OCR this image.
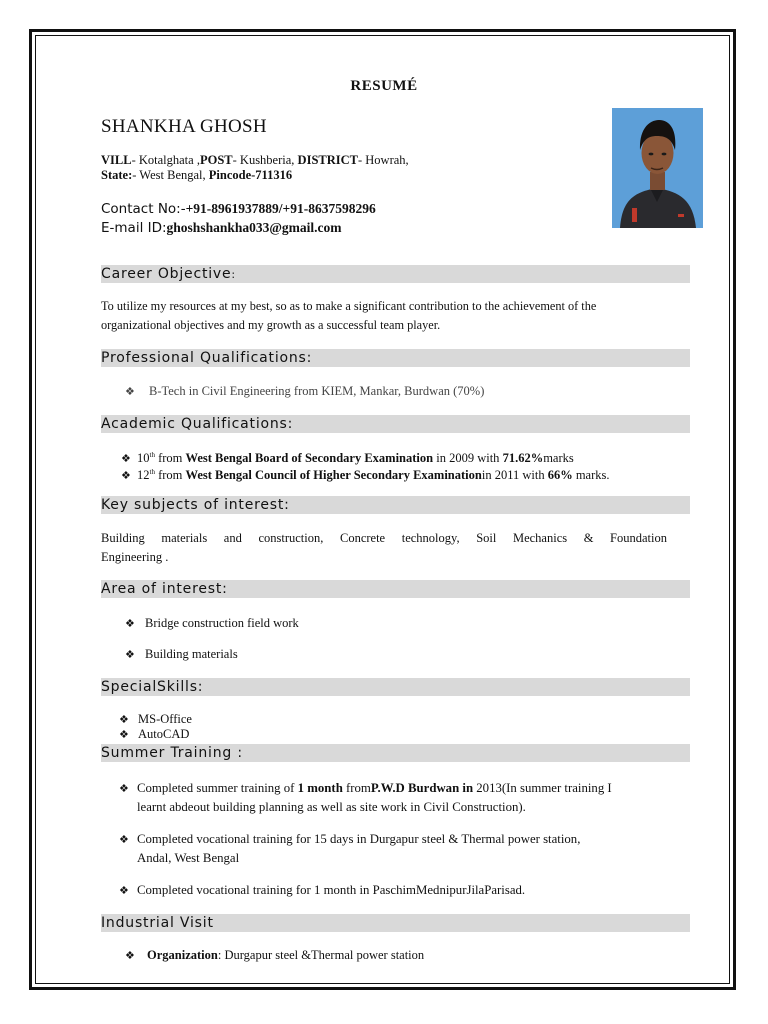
RESUMÉ
SHANKHA GHOSH
VILL- Kotalghata ,POST- Kushberia, DISTRICT- Howrah,
State:- West Bengal, Pincode-711316
Contact No:-+91-8961937889/+91-8637598296
E-mail ID:ghoshshankha033@gmail.com
Career Objective:
To utilize my resources at my best, so as to make a significant contribution to the achievement of the
organizational objectives and my growth as a successful team player.
Professional Qualifications:
❖ B-Tech in Civil Engineering from KIEM, Mankar, Burdwan (70%)
Academic Qualifications:
❖ 10th from West Bengal Board of Secondary Examination in 2009 with 71.62%marks
❖ 12th from West Bengal Council of Higher Secondary Examinationin 2011 with 66% marks.
Key subjects of interest:
Building materials and construction, Concrete technology, Soil Mechanics & Foundation
Engineering .
Area of interest:
❖ Bridge construction field work
❖ Building materials
SpecialSkills:
❖ MS-Office
❖ AutoCAD
Summer Training :
❖ Completed summer training of 1 month fromP.W.D Burdwan in 2013(In summer training I
learnt abdeout building planning as well as site work in Civil Construction).
❖ Completed vocational training for 15 days in Durgapur steel & Thermal power station,
Andal, West Bengal
❖ Completed vocational training for 1 month in PaschimMednipurJilaParisad.
Industrial Visit
❖ Organization: Durgapur steel &Thermal power station
